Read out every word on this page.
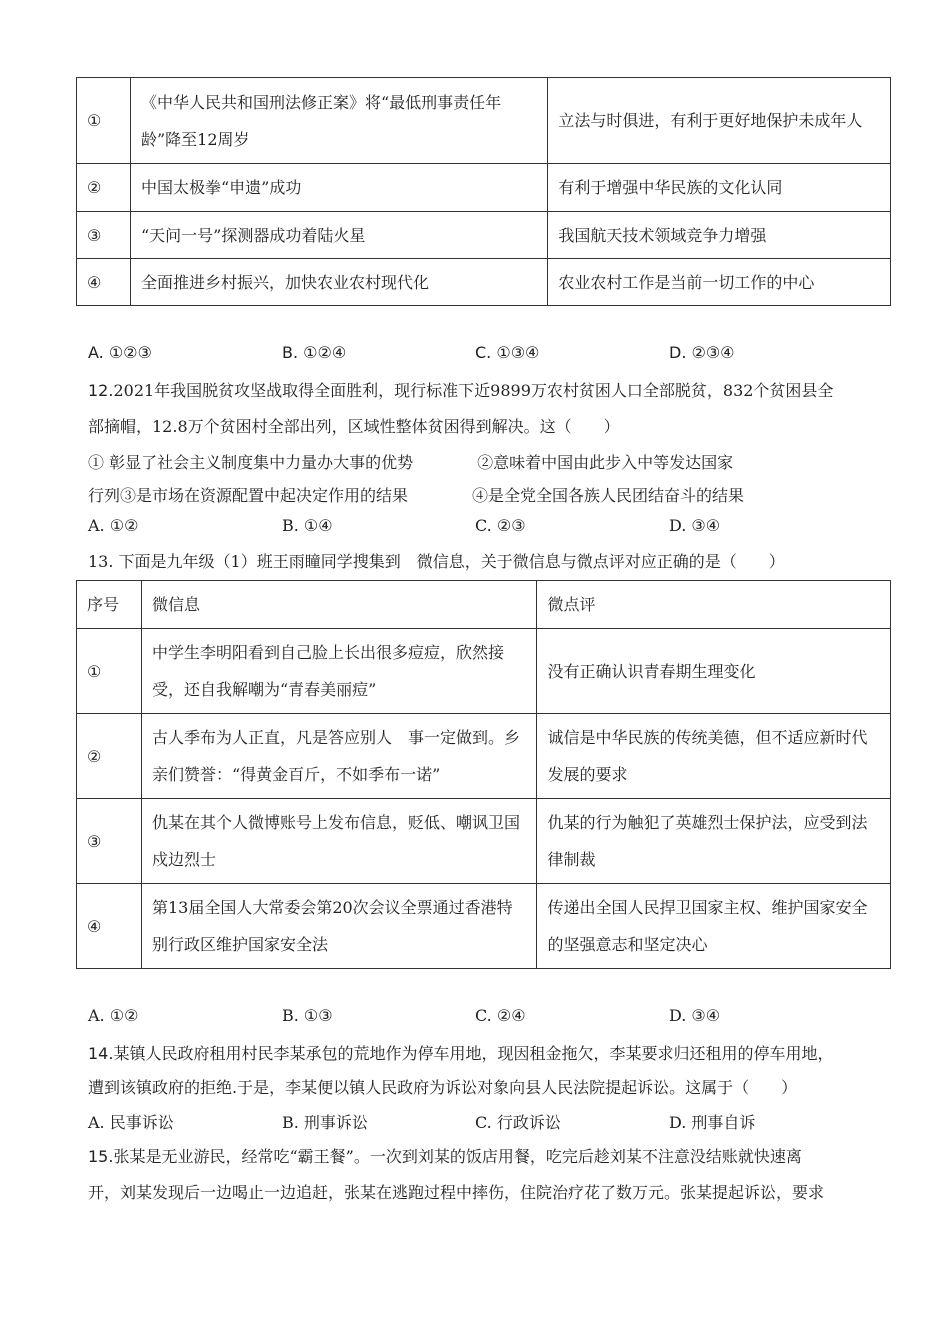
①	《中华人民共和国刑法修正案》将“最低刑事责任年龄”降至12周岁	立法与时俱进，有利于更好地保护未成年人
②	中国太极拳“申遗”成功	有利于增强中华民族的文化认同
③	“天问一号”探测器成功着陆火星	我国航天技术领域竞争力增强
④	全面推进乡村振兴，加快农业农村现代化	农业农村工作是当前一切工作的中心
A. ①②③	B. ①②④	C. ①③④	D. ②③④
12.2021年我国脱贫攻坚战取得全面胜利，现行标准下近9899万农村贫困人口全部脱贫，832个贫困县全
部摘帽，12.8万个贫困村全部出列，区域性整体贫困得到解决。这（　　）
① 彰显了社会主义制度集中力量办大事的优势　　　　②意味着中国由此步入中等发达国家
行列③是市场在资源配置中起决定作用的结果　　　　④是全党全国各族人民团结奋斗的结果
A. ①②	B. ①④	C. ②③	D. ③④
13. 下面是九年级（1）班王雨瞳同学搜集到　微信息，关于微信息与微点评对应正确的是（　　）
序号	微信息	微点评
①	中学生李明阳看到自己脸上长出很多痘痘，欣然接受，还自我解嘲为“青春美丽痘”	没有正确认识青春期生理变化
②	古人季布为人正直，凡是答应别人　事一定做到。乡亲们赞誉：“得黄金百斤，不如季布一诺”	诚信是中华民族的传统美德，但不适应新时代发展的要求
③	仇某在其个人微博账号上发布信息，贬低、嘲讽卫国戍边烈士	仇某的行为触犯了英雄烈士保护法，应受到法律制裁
④	第13届全国人大常委会第20次会议全票通过香港特别行政区维护国家安全法	传递出全国人民捍卫国家主权、维护国家安全的坚强意志和坚定决心
A. ①②	B. ①③	C. ②④	D. ③④
14.某镇人民政府租用村民李某承包的荒地作为停车用地，现因租金拖欠，李某要求归还租用的停车用地，
遭到该镇政府的拒绝.于是，李某便以镇人民政府为诉讼对象向县人民法院提起诉讼。这属于（　　）
A. 民事诉讼	B. 刑事诉讼	C. 行政诉讼	D. 刑事自诉
15.张某是无业游民，经常吃“霸王餐”。一次到刘某的饭店用餐，吃完后趁刘某不注意没结账就快速离
开，刘某发现后一边喝止一边追赶，张某在逃跑过程中摔伤，住院治疗花了数万元。张某提起诉讼，要求
